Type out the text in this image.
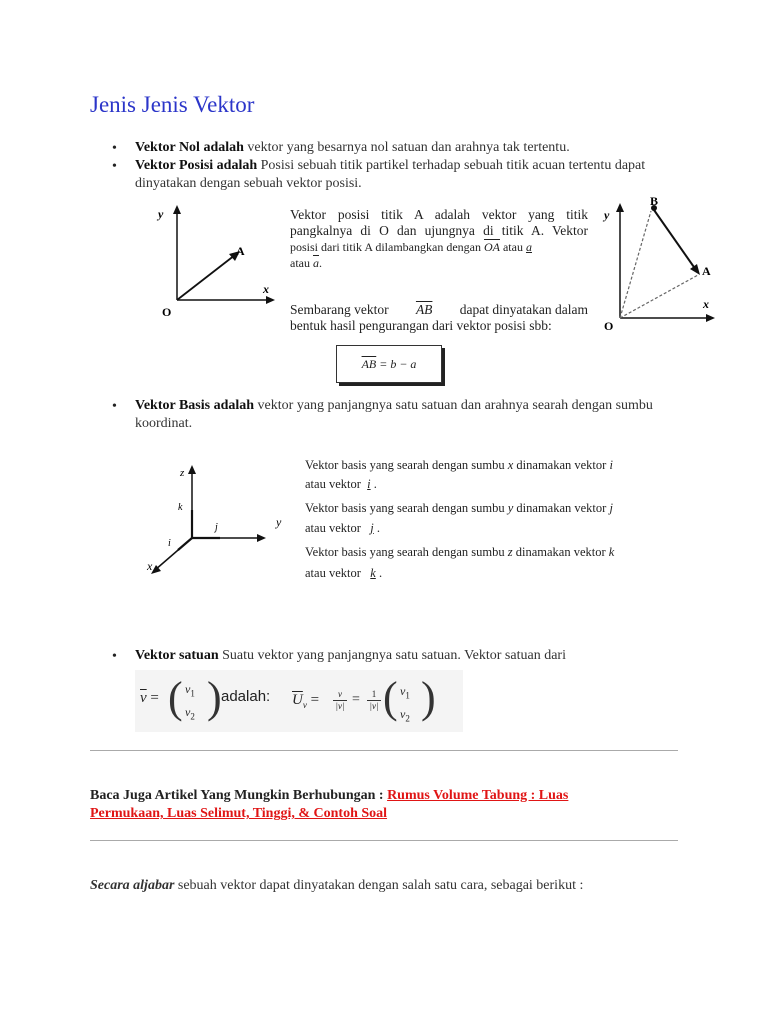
Jenis Jenis Vektor
• Vektor Nol adalah vektor yang besarnya nol satuan dan arahnya tak tertentu.
• Vektor Posisi adalah Posisi sebuah titik partikel terhadap sebuah titik acuan tertentu dapat dinyatakan dengan sebuah vektor posisi.
y
x
O
A
Vektor posisi titik A adalah vektor yang titik
pangkalnya di O dan ujungnya di titik A. Vektor
posisi dari titik A dilambangkan dengan $\overline{OA}$ atau a
atau $\overline{a}$.
Sembarang vektor $\overline{AB}$ dapat dinyatakan dalam
bentuk hasil pengurangan dari vektor posisi sbb:
$\overline{AB} = b - a$
y
x
O
B
A
• Vektor Basis adalah vektor yang panjangnya satu satuan dan arahnya searah dengan sumbu koordinat.
z
y
x
k
j
i
Vektor basis yang searah dengan sumbu x dinamakan vektor i
atau vektor i .
Vektor basis yang searah dengan sumbu y dinamakan vektor j
atau vektor j .
Vektor basis yang searah dengan sumbu z dinamakan vektor k
atau vektor k .
• Vektor satuan Suatu vektor yang panjangnya satu satuan. Vektor satuan dari
$\overline{v}$ = ( $v_1$
$v_2$ ) adalah: $\overline{U}_v = \frac{v}{|v|} = \frac{1}{|v|}$ ( $v_1$
$v_2$ )
Baca Juga Artikel Yang Mungkin Berhubungan : Rumus Volume Tabung : Luas
Permukaan, Luas Selimut, Tinggi, & Contoh Soal
Secara aljabar sebuah vektor dapat dinyatakan dengan salah satu cara, sebagai berikut :
